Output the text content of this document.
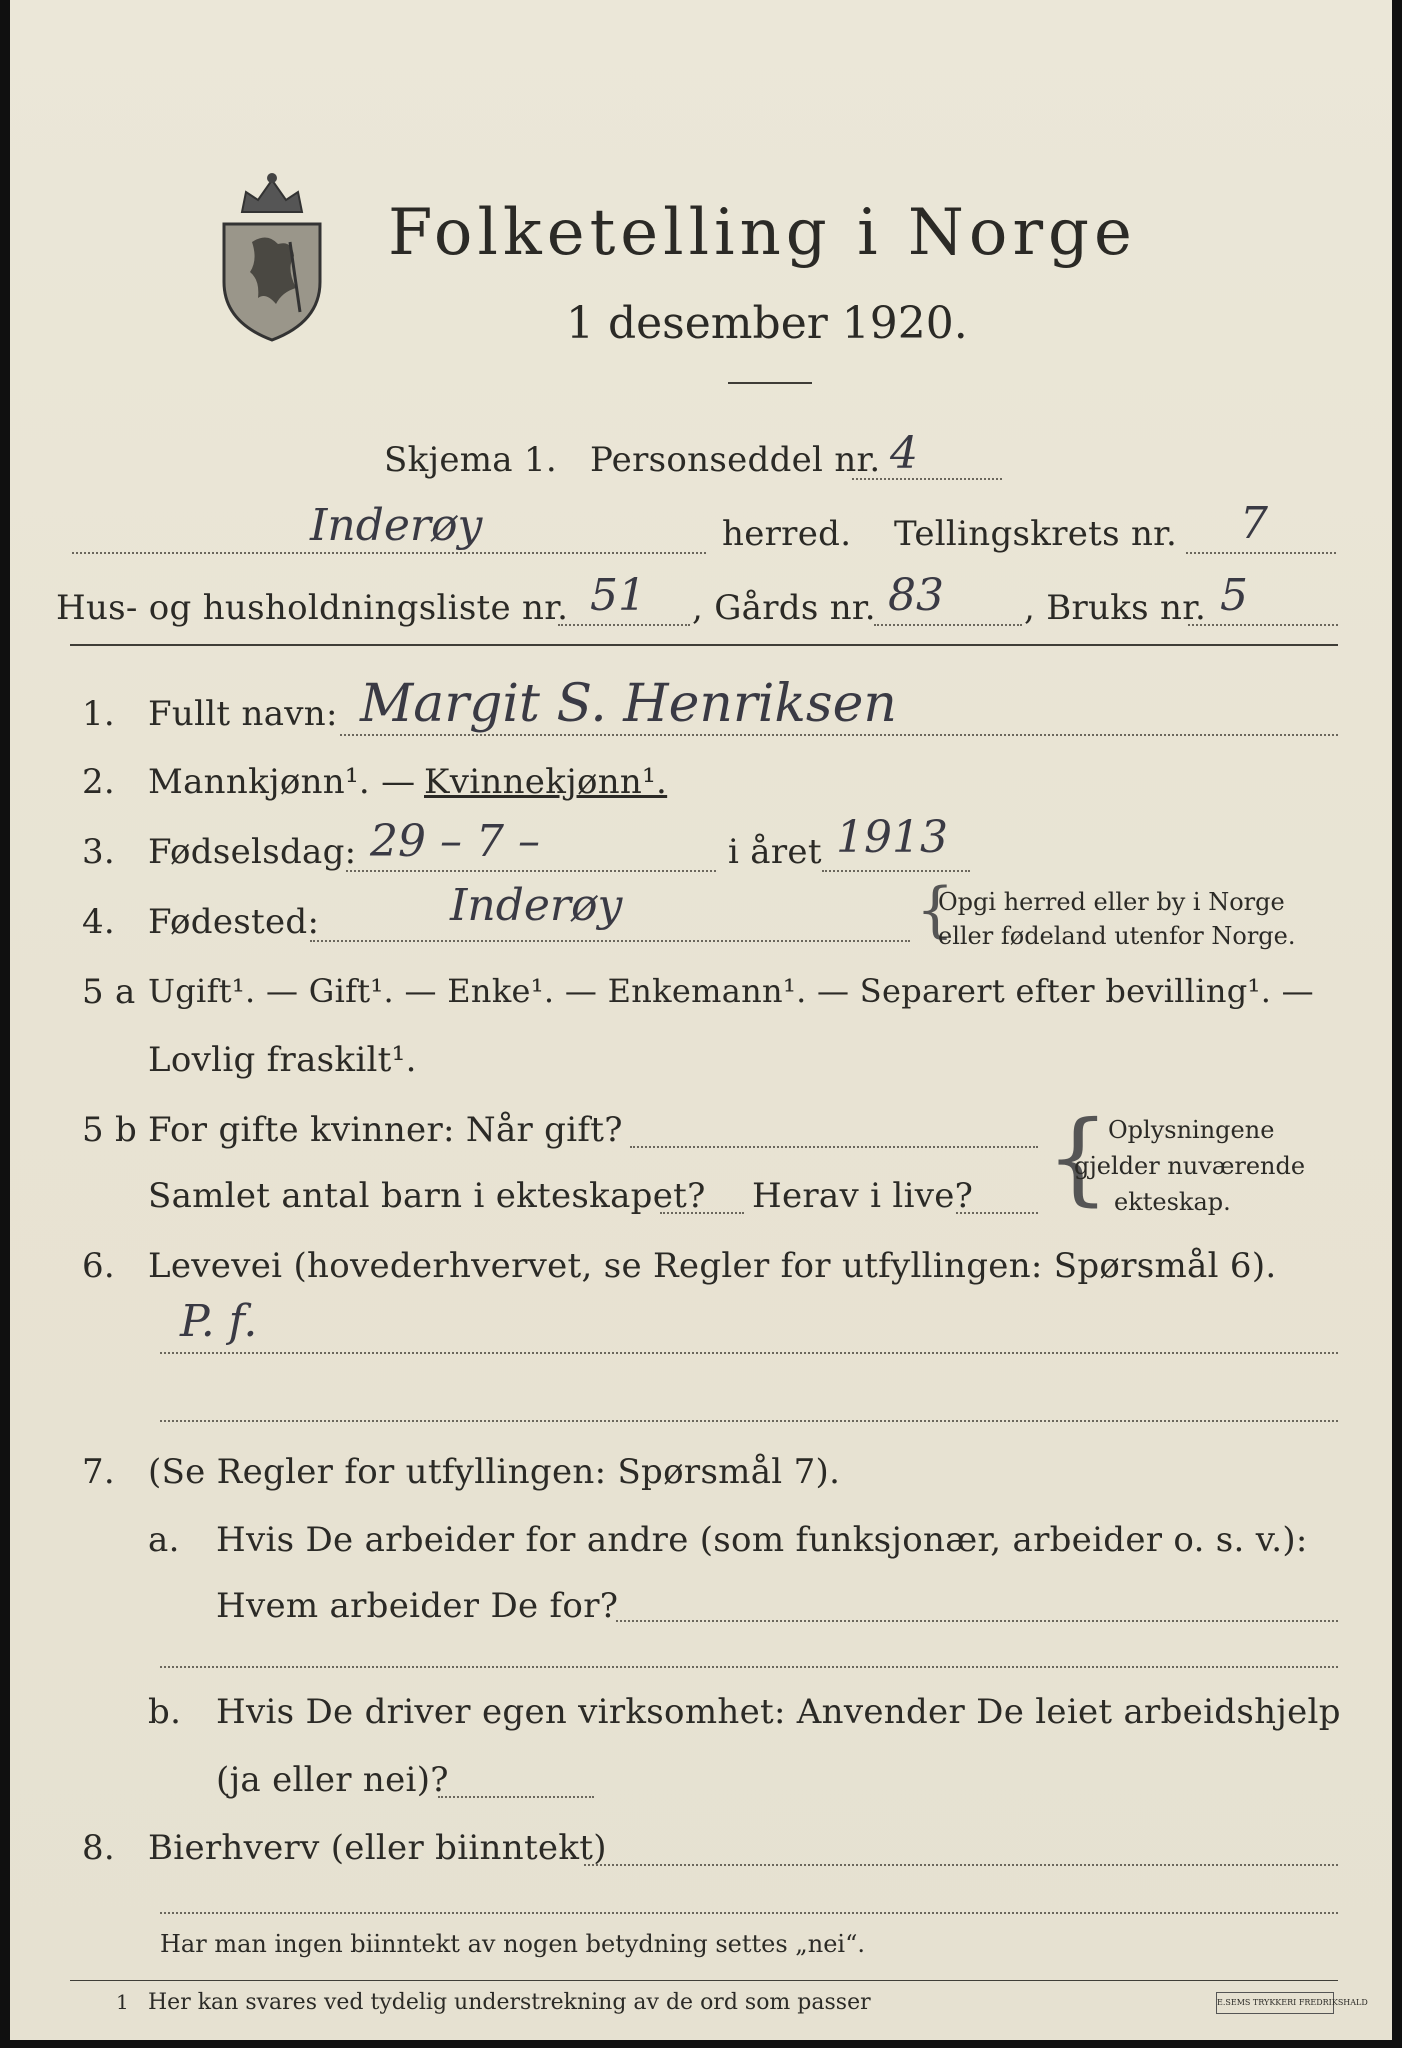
Folketelling i Norge
1 desember 1920.
Skjema 1. Personseddel nr. 4
Inderøy	herred. Tellingskrets nr. 7
Hus- og husholdningsliste nr. 51 , Gårds nr. 83 , Bruks nr. 5
1. Fullt navn: Margit S. Henriksen
2. Mannkjønn¹. — Kvinnekjønn¹.
3. Fødselsdag: 29 – 7 –	i året 1913
4. Fødested:	Inderøy	{
Opgi herred eller by i Norge
eller fødeland utenfor Norge.
5 a Ugift¹. — Gift¹. — Enke¹. — Enkemann¹. — Separert efter bevilling¹. —
Lovlig fraskilt¹.
5 b For gifte kvinner: Når gift?
Samlet antal barn i ekteskapet? Herav i live? {
Oplysningene
gjelder nuværende
ekteskap.
6. Levevei (hovederhvervet, se Regler for utfyllingen: Spørsmål 6).
P. f.
7. (Se Regler for utfyllingen: Spørsmål 7).
a. Hvis De arbeider for andre (som funksjonær, arbeider o. s. v.):
Hvem arbeider De for?
b. Hvis De driver egen virksomhet: Anvender De leiet arbeidshjelp
(ja eller nei)?
8. Bierhverv (eller biinntekt)
Har man ingen biinntekt av nogen betydning settes „nei“.
1 Her kan svares ved tydelig understrekning av de ord som passer	E.SEMS TRYKKERI FREDRIKSHALD
